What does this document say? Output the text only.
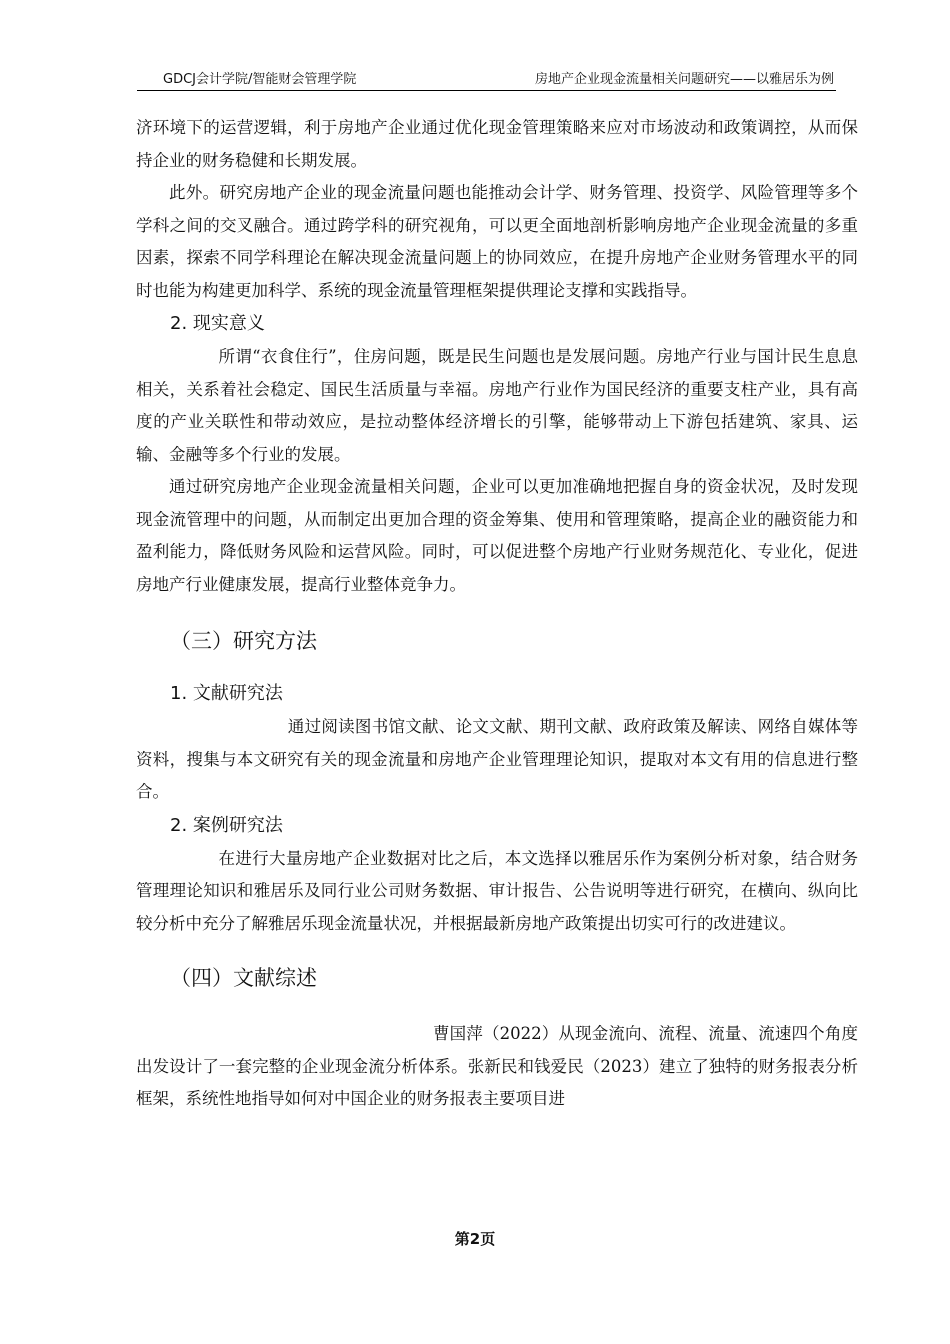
GDCJ会计学院/智能财会管理学院	房地产企业现金流量相关问题研究——以雅居乐为例

济环境下的运营逻辑，利于房地产企业通过优化现金管理策略来应对市场波动和政策调控，从而保持企业的财务稳健和长期发展。

此外。研究房地产企业的现金流量问题也能推动会计学、财务管理、投资学、风险管理等多个学科之间的交叉融合。通过跨学科的研究视角，可以更全面地剖析影响房地产企业现金流量的多重因素，探索不同学科理论在解决现金流量问题上的协同效应，在提升房地产企业财务管理水平的同时也能为构建更加科学、系统的现金流量管理框架提供理论支撑和实践指导。

2. 现实意义

所谓“衣食住行”，住房问题，既是民生问题也是发展问题。房地产行业与国计民生息息相关，关系着社会稳定、国民生活质量与幸福。房地产行业作为国民经济的重要支柱产业，具有高度的产业关联性和带动效应，是拉动整体经济增长的引擎，能够带动上下游包括建筑、家具、运输、金融等多个行业的发展。

通过研究房地产企业现金流量相关问题，企业可以更加准确地把握自身的资金状况，及时发现现金流管理中的问题，从而制定出更加合理的资金筹集、使用和管理策略，提高企业的融资能力和盈利能力，降低财务风险和运营风险。同时，可以促进整个房地产行业财务规范化、专业化，促进房地产行业健康发展，提高行业整体竞争力。

（三）研究方法

1. 文献研究法

通过阅读图书馆文献、论文文献、期刊文献、政府政策及解读、网络自媒体等资料，搜集与本文研究有关的现金流量和房地产企业管理理论知识，提取对本文有用的信息进行整合。

2. 案例研究法

在进行大量房地产企业数据对比之后，本文选择以雅居乐作为案例分析对象，结合财务管理理论知识和雅居乐及同行业公司财务数据、审计报告、公告说明等进行研究，在横向、纵向比较分析中充分了解雅居乐现金流量状况，并根据最新房地产政策提出切实可行的改进建议。

（四）文献综述

曹国萍（2022）从现金流向、流程、流量、流速四个角度出发设计了一套完整的企业现金流分析体系。张新民和钱爱民（2023）建立了独特的财务报表分析框架，系统性地指导如何对中国企业的财务报表主要项目进

第2页
